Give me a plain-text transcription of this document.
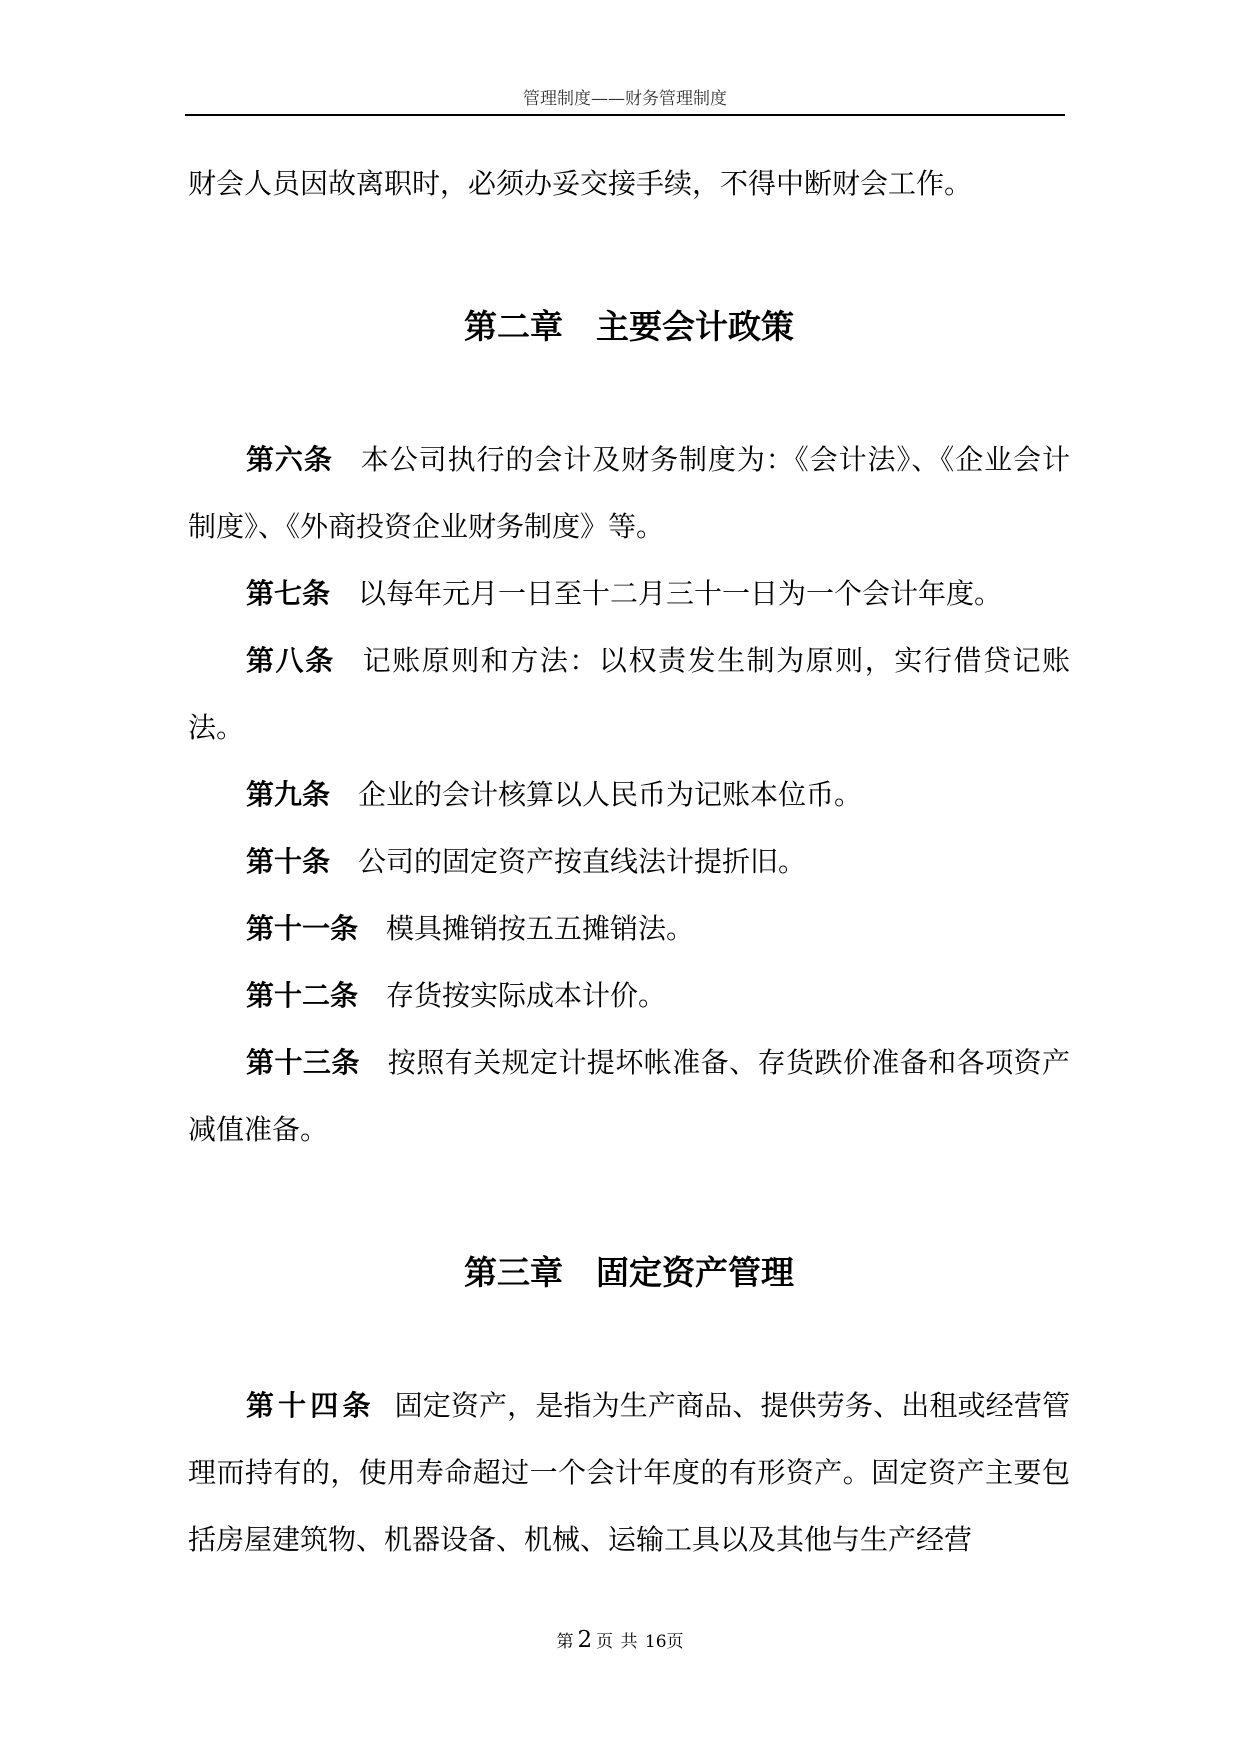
管理制度——财务管理制度

财会人员因故离职时，必须办妥交接手续，不得中断财会工作。

第二章　主要会计政策

第六条 本公司执行的会计及财务制度为：《会计法》、《企业会计制度》、《外商投资企业财务制度》等。

第七条 以每年元月一日至十二月三十一日为一个会计年度。

第八条 记账原则和方法：以权责发生制为原则，实行借贷记账法。

第九条 企业的会计核算以人民币为记账本位币。

第十条 公司的固定资产按直线法计提折旧。

第十一条 模具摊销按五五摊销法。

第十二条 存货按实际成本计价。

第十三条 按照有关规定计提坏帐准备、存货跌价准备和各项资产减值准备。

第三章　固定资产管理

第十四条 固定资产，是指为生产商品、提供劳务、出租或经营管理而持有的，使用寿命超过一个会计年度的有形资产。固定资产主要包括房屋建筑物、机器设备、机械、运输工具以及其他与生产经营

第 2 页 共 16页
